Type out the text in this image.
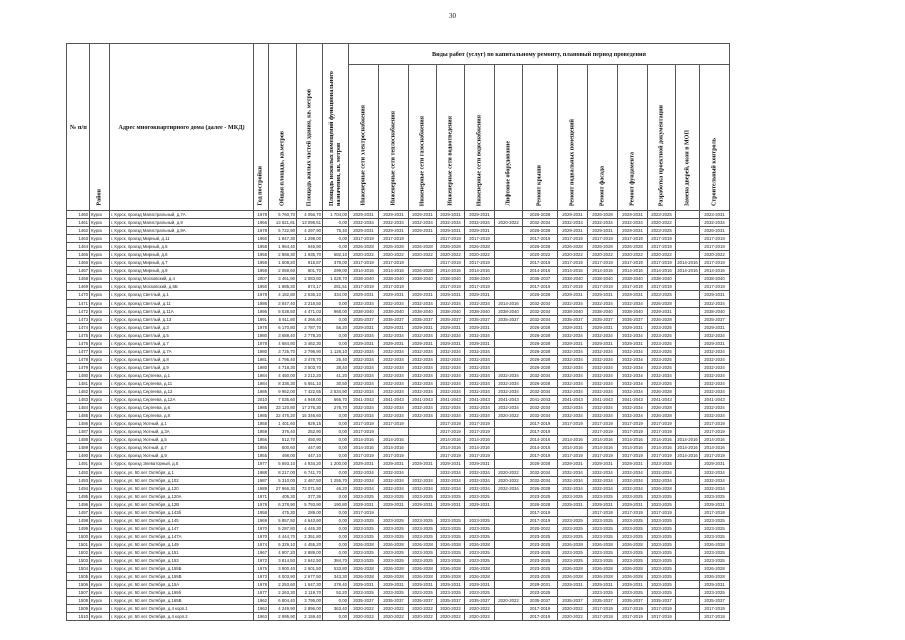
30
№ п/п	Район	Адрес многоквартирного дома (далее - МКД)	Год постройки	Общая площадь, кв.метров	Площадь жилых частей здания, кв. метров	Площадь нежилых помещений функционального назначения, кв. метров	Виды работ (услуг) по капитальному ремонту, плановый период проведения												

							Инженерные сети электроснабжения	Инженерные сети теплоснабжения	Инженерные сети газоснабжения	Инженерные сети водоотведения	Инженерные сети водоснабжения	Лифтовое оборудование	Ремонт крыши	Ремонт подвальных помещений	Ремонт фасада	Ремонт фундамента	Разработка проектной документации	Замена дверей, окон в МОП	Строительный контроль

1460	Курск	г. Курск, проезд Магистральный, д.7А	1978	5 760,70	4 056,70	1 704,00	2029-2031	2029-2031	2029-2031	2029-2031	2029-2031		2026-2028	2029-2031	2026-2028	2029-2031	2023-2025		2023-2031
1461	Курск	г. Курск, проезд Магистральный, д.9	1966	13 621,81	13 098,51	0,00	2032-2034	2032-2034	2032-2034	2032-2034	2032-2034	2020-2022	2032-2034	2032-2034	2032-2034	2032-2034	2020-2022		2032-2034
1462	Курск	г. Курск, проезд Магистральный, д.9А	1978	5 722,90	4 297,90	75,40	2029-2031	2029-2031	2029-2031	2029-2031	2029-2031		2026-2028	2029-2031	2029-2031	2029-2031	2023-2025		2026-2031
1463	Курск	г. Курск, проезд Мирный, д.11	1960	1 847,30	1 298,00	0,00	2017-2019	2017-2019		2017-2019	2017-2019		2017-2019	2017-2019	2017-2019	2017-2019	2017-2019		2017-2019
1464	Курск	г. Курск, проезд Мирный, д.5	1958	1 964,40	946,90	0,00	2026-2028	2026-2028	2026-2028	2026-2028	2026-2028		2026-2028	2026-2028	2026-2028	2026-2028	2017-2019		2017-2019
1465	Курск	г. Курск, проезд Мирный, д.6	1958	2 868,30	1 935,70	682,10	2020-2022	2020-2022	2020-2022	2020-2022	2020-2022		2020-2022	2020-2022	2020-2022	2020-2022	2020-2022		2020-2022
1466	Курск	г. Курск, проезд Мирный, д.7	1959	1 608,20	915,87	378,00	2017-2019	2017-2019		2017-2019	2017-2019		2017-2019	2017-2019	2017-2019	2017-2019	2017-2019	2014-2016	2017-2019
1467	Курск	г. Курск, проезд Мирный, д.9	1959	2 059,60	801,70	299,00	2014-2016	2014-2016	2026-2028	2014-2016	2014-2016		2014-2016	2014-2016	2014-2016	2014-2016	2014-2016	2014-2016	2014-2016
1468	Курск	г. Курск, проезд Московский, д.4	2007	3 461,90	2 083,60	1 029,70	2038-2040	2038-2040	2038-2040	2038-2040	2038-2040		2035-2037	2038-2040	2038-2040	2038-2040	2038-2040		2038-2040
1469	Курск	г. Курск, проезд Московский, д.5Б	1950	1 885,30	874,17	281,51	2017-2019	2017-2019		2017-2019	2017-2019		2017-2019	2017-2019	2017-2019	2017-2019	2017-2019		2017-2019
1470	Курск	г. Курск, проезд Светлый, д.1	1978	4 182,80	2 636,10	334,00	2029-2031	2029-2031	2029-2031	2029-2031	2029-2031		2026-2028	2029-2031	2029-2031	2029-2031	2023-2025		2029-2031
1471	Курск	г. Курск, проезд Светлый, д.11	1986	3 847,40	3 218,50	0,00	2032-2034	2032-2034	2032-2034	2032-2034	2032-2034	2014-2016	2032-2034	2032-2034	2032-2034	2032-2034	2026-2028		2032-2034
1472	Курск	г. Курск, проезд Светлый, д.11А	1995	5 038,50	4 471,03	968,00	2038-2040	2038-2040	2038-2040	2038-2040	2038-2040	2038-2040	2032-2034	2038-2040	2038-2040	2038-2040	2029-2031		2038-2040
1473	Курск	г. Курск, проезд Светлый, д.13	1991	5 911,80	4 266,40	0,00	2035-2037	2035-2037	2035-2037	2035-2037	2035-2037	2035-2037	2032-2034	2035-2037	2035-2037	2035-2037	2026-2028		2035-2037
1474	Курск	г. Курск, проезд Светлый, д.3	1978	6 170,80	2 787,70	56,20	2029-2031	2029-2031	2029-2031	2029-2031	2029-2031		2026-2028	2029-2031	2029-2031	2029-2031	2023-2025		2029-2031
1475	Курск	г. Курск, проезд Светлый, д.5	1980	3 688,40	2 778,20	0,00	2032-2034	2032-2034	2032-2034	2032-2034	2032-2034		2026-2028	2032-2034	2032-2034	2032-2034	2023-2025		2032-2034
1476	Курск	г. Курск, проезд Светлый, д.7	1978	4 684,80	3 462,30	0,00	2029-2031	2029-2031	2029-2031	2029-2031	2029-2031		2026-2028	2029-2031	2029-2031	2029-2031	2023-2025		2029-2031
1477	Курск	г. Курск, проезд Светлый, д.7А	1980	3 725,70	2 798,90	1 126,10	2032-2034	2032-2034	2032-2034	2032-2034	2032-2034		2026-2028	2032-2034	2032-2034	2032-2034	2023-2025		2032-2034
1478	Курск	г. Курск, проезд Светлый, д.8	1981	4 795,40	3 478,70	25,40	2032-2034	2032-2034	2032-2034	2032-2034	2032-2034		2026-2028	2032-2034	2032-2034	2032-2034	2023-2025		2032-2034
1479	Курск	г. Курск, проезд Светлый, д.9	1980	4 718,30	3 503,70	38,40	2032-2034	2032-2034	2032-2034	2032-2034	2032-2034		2026-2028	2032-2034	2032-2034	2032-2034	2023-2025		2032-2034
1480	Курск	г. Курск, проезд Сергеева, д.1	1984	4 450,00	3 212,20	41,20	2032-2034	2032-2034	2032-2034	2032-2034	2032-2034	2032-2034	2032-2034	2032-2034	2032-2034	2032-2034	2032-2034		2032-2034
1481	Курск	г. Курск, проезд Сергеева, д.11	1984	8 336,30	5 651,10	30,50	2032-2034	2032-2034	2032-2034	2032-2034	2032-2034	2032-2034	2026-2028	2032-2034	2032-2034	2032-2034	2023-2025		2032-2034
1482	Курск	г. Курск, проезд Сергеева, д.12	1986	9 952,00	7 422,65	2 534,90	2032-2034	2032-2034	2032-2034	2032-2034	2032-2034	2032-2034	2032-2034	2032-2034	2032-2034	2032-2034	2026-2028		2032-2034
1483	Курск	г. Курск, проезд Сергеева, д.12А	2010	7 035,60	4 948,00	566,70	2041-2043	2041-2043	2041-2043	2041-2043	2041-2043	2041-2043	2041-2043	2041-2043	2041-2043	2041-2043	2041-2043		2041-2043
1484	Курск	г. Курск, проезд Сергеева, д.6	1985	23 120,80	17 276,30	276,70	2032-2034	2032-2034	2032-2034	2032-2034	2032-2034	2032-2034	2032-2034	2032-2034	2032-2034	2032-2034	2026-2028		2032-2034
1485	Курск	г. Курск, проезд Сергеева, д.8	1985	22 476,20	15 346,60	0,00	2032-2034	2032-2034	2032-2034	2032-2034	2032-2034	2020-2022	2032-2034	2032-2034	2032-2034	2032-2034	2026-2028		2032-2034
1486	Курск	г. Курск, проезд Уютный, д.1	1958	1 401,60	929,15	0,00	2017-2019	2017-2019		2017-2019	2017-2019		2017-2019	2017-2019	2017-2019	2017-2019	2017-2019		2017-2019
1487	Курск	г. Курск, проезд Уютный, д.3А	1959	376,40	252,90	0,00	2017-2019			2017-2019	2017-2019		2017-2019		2017-2019	2017-2019	2017-2019		2017-2019
1488	Курск	г. Курск, проезд Уютный, д.5	1956	512,70	450,90	0,00	2014-2016	2014-2016		2014-2016	2014-2016		2014-2016	2014-2016	2014-2016	2014-2016	2014-2016	2014-2016	2014-2016
1489	Курск	г. Курск, проезд Уютный, д.7	1956	500,60	447,90	0,00	2014-2016	2014-2016		2014-2016	2014-2016		2014-2016	2014-2016	2014-2016	2014-2016	2014-2016	2014-2016	2014-2016
1490	Курск	г. Курск, проезд Уютный, д.9	1955	498,00	447,10	0,00	2017-2019	2017-2019		2017-2019	2017-2019		2017-2019	2017-2019	2017-2019	2017-2019	2017-2019	2014-2016	2017-2019
1491	Курск	г. Курск, проезд Элеваторный, д.5	1977	5 693,10	4 934,20	1 200,00	2029-2031	2029-2031	2029-2031	2029-2031	2029-2031		2026-2028	2029-2031	2029-2031	2029-2031	2023-2025		2029-2031
1492	Курск	г. Курск, ул. 50 лет Октября, д.1	1988	8 217,00	6 741,70	0,00	2032-2034	2032-2034		2032-2034	2032-2034	2020-2022	2032-2034	2032-2034	2032-2034	2032-2034	2032-2034		2032-2034
1493	Курск	г. Курск, ул. 50 лет Октября, д.102	1987	5 310,00	2 467,50	1 255,70	2032-2034	2032-2034	2032-2034	2032-2034	2032-2034	2020-2022	2032-2034	2032-2034	2032-2034	2032-2034	2032-2034		2032-2034
1494	Курск	г. Курск, ул. 50 лет Октября, д.120	1989	27 966,30	73 071,50	46,20	2032-2034	2032-2034	2032-2034	2032-2034	2032-2034	2032-2034	2026-2028	2032-2034	2032-2034	2032-2034	2026-2028		2032-2034
1495	Курск	г. Курск, ул. 50 лет Октября, д.120А	1971	405,30	377,36	0,00	2023-2025	2023-2025	2023-2025	2023-2025	2023-2025		2023-2025	2023-2025	2023-2025	2023-2025	2023-2025		2023-2025
1496	Курск	г. Курск, ул. 50 лет Октября, д.12В	1978	6 378,90	5 793,90	190,80	2029-2031	2029-2031	2029-2031	2029-2031	2029-2031		2026-2028	2029-2031	2029-2031	2029-2031	2023-2025		2029-2031
1497	Курск	г. Курск, ул. 50 лет Октября, д.143б	1958	475,30	289,00	0,00	2017-2019						2017-2019		2017-2019	2017-2019	2017-2019		2017-2019
1498	Курск	г. Курск, ул. 50 лет Октября, д.145	1969	5 857,50	4 643,90	0,00	2023-2025	2023-2025	2023-2025	2023-2025	2023-2025		2017-2019	2023-2025	2023-2025	2023-2025	2023-2025		2023-2025
1499	Курск	г. Курск, ул. 50 лет Октября, д.147	1970	5 297,80	4 445,30	0,00	2023-2025	2023-2025	2023-2025	2023-2025	2023-2025		2020-2022	2023-2025	2023-2025	2023-2025	2023-2025		2023-2025
1500	Курск	г. Курск, ул. 50 лет Октября, д.147А	1970	4 444,70	2 351,80	0,00	2023-2025	2023-2025	2023-2025	2023-2025	2023-2025		2023-2025	2023-2025	2023-2025	2023-2025	2023-2025		2023-2025
1501	Курск	г. Курск, ул. 50 лет Октября, д.149	1974	5 329,10	4 455,20	0,00	2026-2028	2026-2028	2026-2028	2026-2028	2026-2028		2023-2025	2026-2028	2026-2028	2026-2028	2023-2025		2026-2028
1502	Курск	г. Курск, ул. 50 лет Октября, д.151	1967	4 907,20	2 889,00	0,00	2023-2025	2023-2025	2023-2025	2023-2025	2023-2025		2023-2025	2023-2025	2023-2025	2023-2025	2023-2025		2023-2025
1503	Курск	г. Курск, ул. 50 лет Октября, д.153	1972	3 814,50	2 642,50	384,70	2023-2025	2023-2025	2023-2025	2023-2025	2023-2025		2023-2025	2023-2025	2023-2025	2023-2025	2023-2025		2023-2025
1504	Курск	г. Курск, ул. 50 лет Октября, д.155Б	1975	3 900,40	2 601,50	533,80	2026-2028	2026-2028	2026-2028	2026-2028	2026-2028		2023-2025	2026-2028	2026-2028	2026-2028	2023-2025		2026-2028
1505	Курск	г. Курск, ул. 50 лет Октября, д.155В	1973	4 003,90	2 677,50	343,30	2026-2028	2026-2028	2026-2028	2026-2028	2026-2028		2023-2025	2026-2028	2026-2028	2026-2028	2023-2025		2026-2028
1506	Курск	г. Курск, ул. 50 лет Октября, д.15А	1978	2 253,60	1 547,30	278,40	2029-2031	2029-2031	2029-2031	2029-2031	2029-2031		2029-2031	2029-2031	2029-2031	2029-2031	2023-2025		2029-2031
1507	Курск	г. Курск, ул. 50 лет Октября, д.165б	1977	2 263,30	2 119,70	52,20	2023-2025	2023-2025	2023-2025	2023-2025	2023-2025		2023-2025		2023-2025	2023-2025	2023-2025		2023-2025
1508	Курск	г. Курск, ул. 50 лет Октября, д.165В	1962	6 804,40	3 795,00	0,00	2035-2037	2035-2037	2035-2037	2035-2037	2035-2037	2020-2022	2035-2037	2035-2037	2035-2037	2035-2037	2035-2037		2035-2037
1509	Курск	г. Курск, ул. 50 лет Октября, д.4 корп.1	1963	4 249,90	2 896,00	363,40	2020-2022	2020-2022	2020-2022	2020-2022	2020-2022		2017-2019	2020-2022	2017-2019	2017-2019	2017-2019		2017-2019
1510	Курск	г. Курск, ул. 50 лет Октября, д.4 корп.2	1963	2 995,90	2 159,40	0,00	2020-2022	2020-2022	2020-2022	2020-2022	2020-2022		2017-2019	2020-2022	2017-2019	2017-2019	2017-2019		2017-2019
